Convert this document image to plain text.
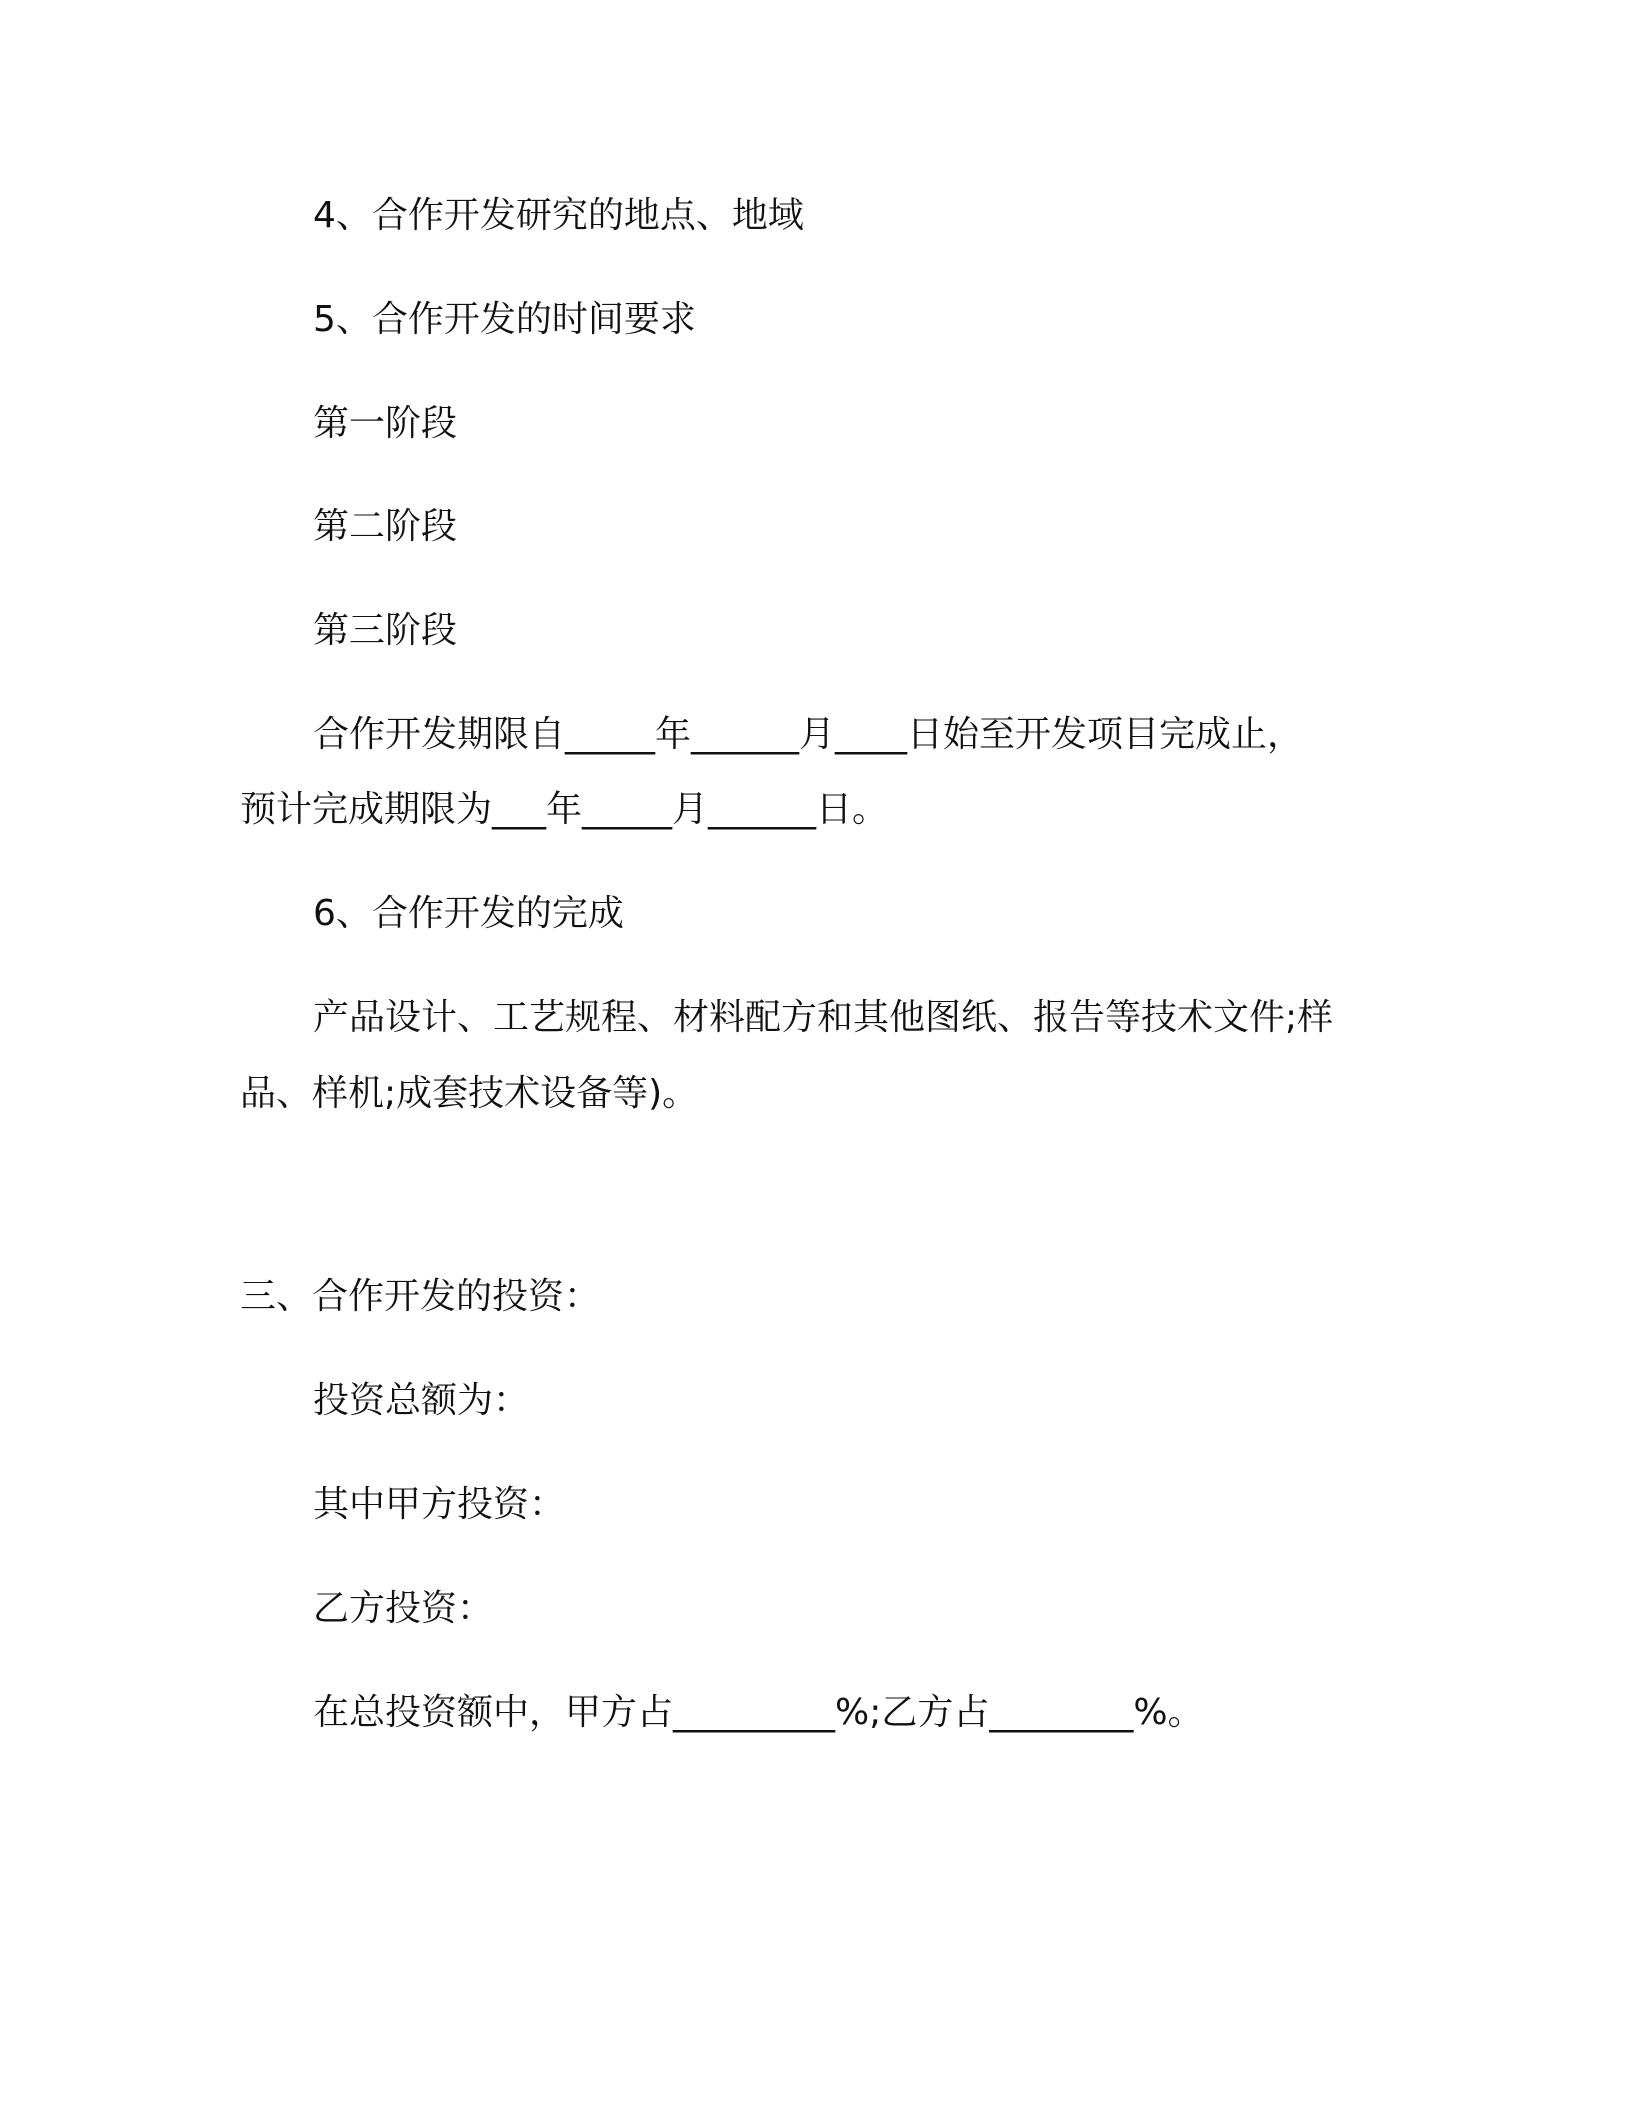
4、合作开发研究的地点、地域

5、合作开发的时间要求

第一阶段

第二阶段

第三阶段

合作开发期限自_____年______月____日始至开发项目完成止，

预计完成期限为___年_____月______日。

6、合作开发的完成

产品设计、工艺规程、材料配方和其他图纸、报告等技术文件;样

品、样机;成套技术设备等)。

三、合作开发的投资：

投资总额为：

其中甲方投资：

乙方投资：

在总投资额中，甲方占_________%;乙方占________%。
